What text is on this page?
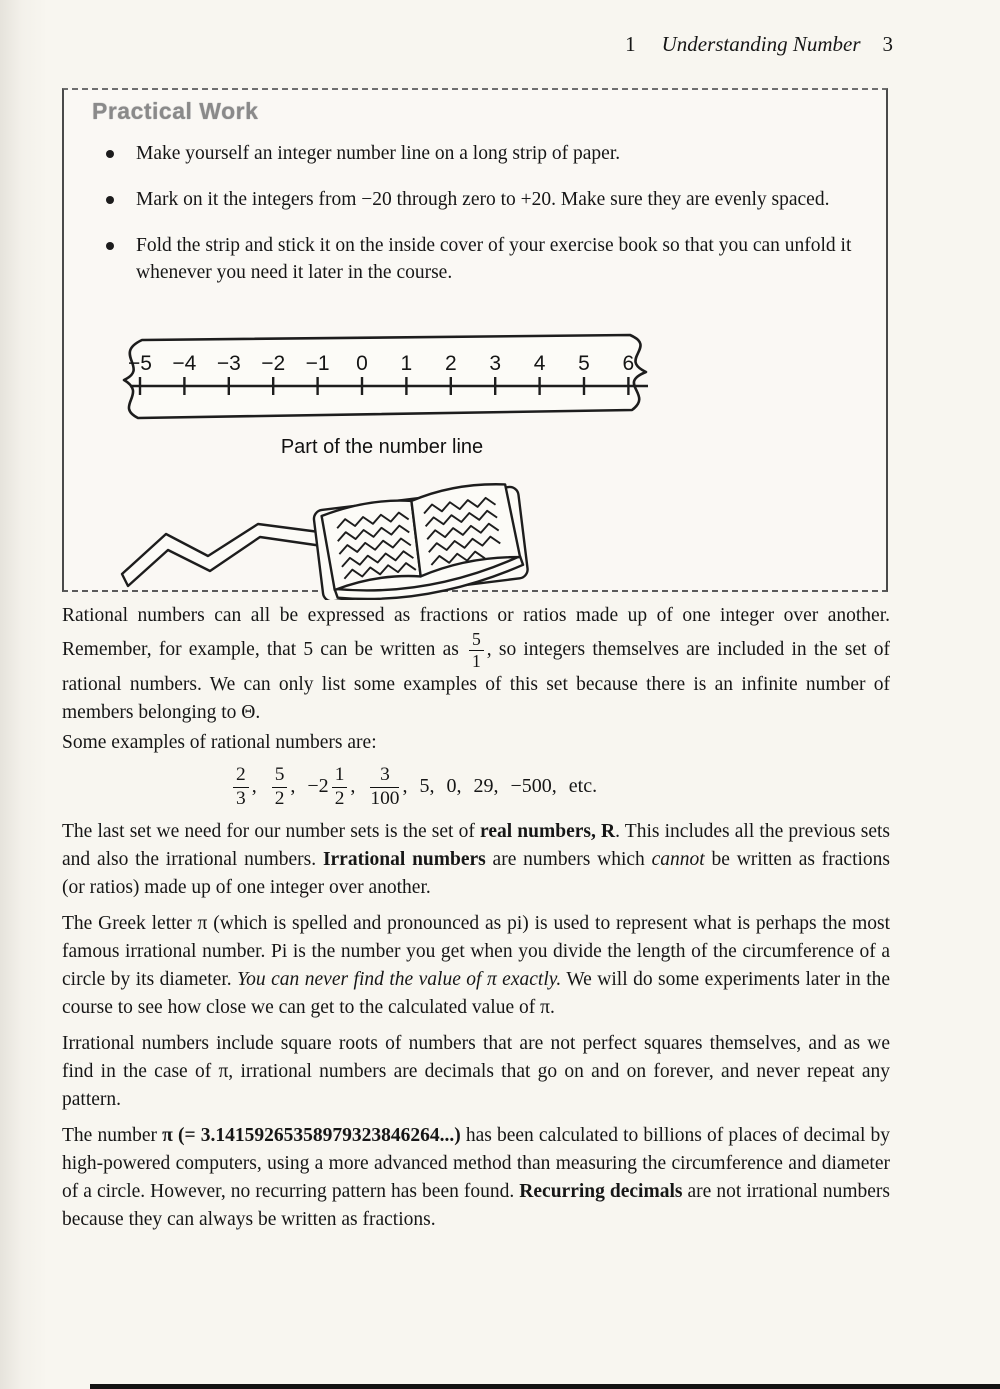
1 Understanding Number 3
Practical Work
Make yourself an integer number line on a long strip of paper.
Mark on it the integers from −20 through zero to +20. Make sure they are evenly spaced.
Fold the strip and stick it on the inside cover of your exercise book so that you can unfold it whenever you need it later in the course.
−5 −4 −3 −2 −1 0 1 2 3 4 5 6
Part of the number line

Rational numbers can all be expressed as fractions or ratios made up of one integer over another. Remember, for example, that 5 can be written as $\frac{5}{1}$ , so integers themselves are included in the set of rational numbers. We can only list some examples of this set because there is an infinite number of members belonging to Θ.

Some examples of rational numbers are:

$\frac{2}{3}$ , $\frac{5}{2}$ , $-2 \frac{1}{2}$ , $\frac{3}{100}$ , 5, 0, 29, −500, etc.

The last set we need for our number sets is the set of real numbers, R. This includes all the previous sets and also the irrational numbers. Irrational numbers are numbers which cannot be written as fractions (or ratios) made up of one integer over another.

The Greek letter π (which is spelled and pronounced as pi) is used to represent what is perhaps the most famous irrational number. Pi is the number you get when you divide the length of the circumference of a circle by its diameter. You can never find the value of π exactly. We will do some experiments later in the course to see how close we can get to the calculated value of π.

Irrational numbers include square roots of numbers that are not perfect squares themselves, and as we find in the case of π, irrational numbers are decimals that go on and on forever, and never repeat any pattern.

The number π (= 3.14159265358979323846264...) has been calculated to billions of places of decimal by high-powered computers, using a more advanced method than measuring the circumference and diameter of a circle. However, no recurring pattern has been found. Recurring decimals are not irrational numbers because they can always be written as fractions.
